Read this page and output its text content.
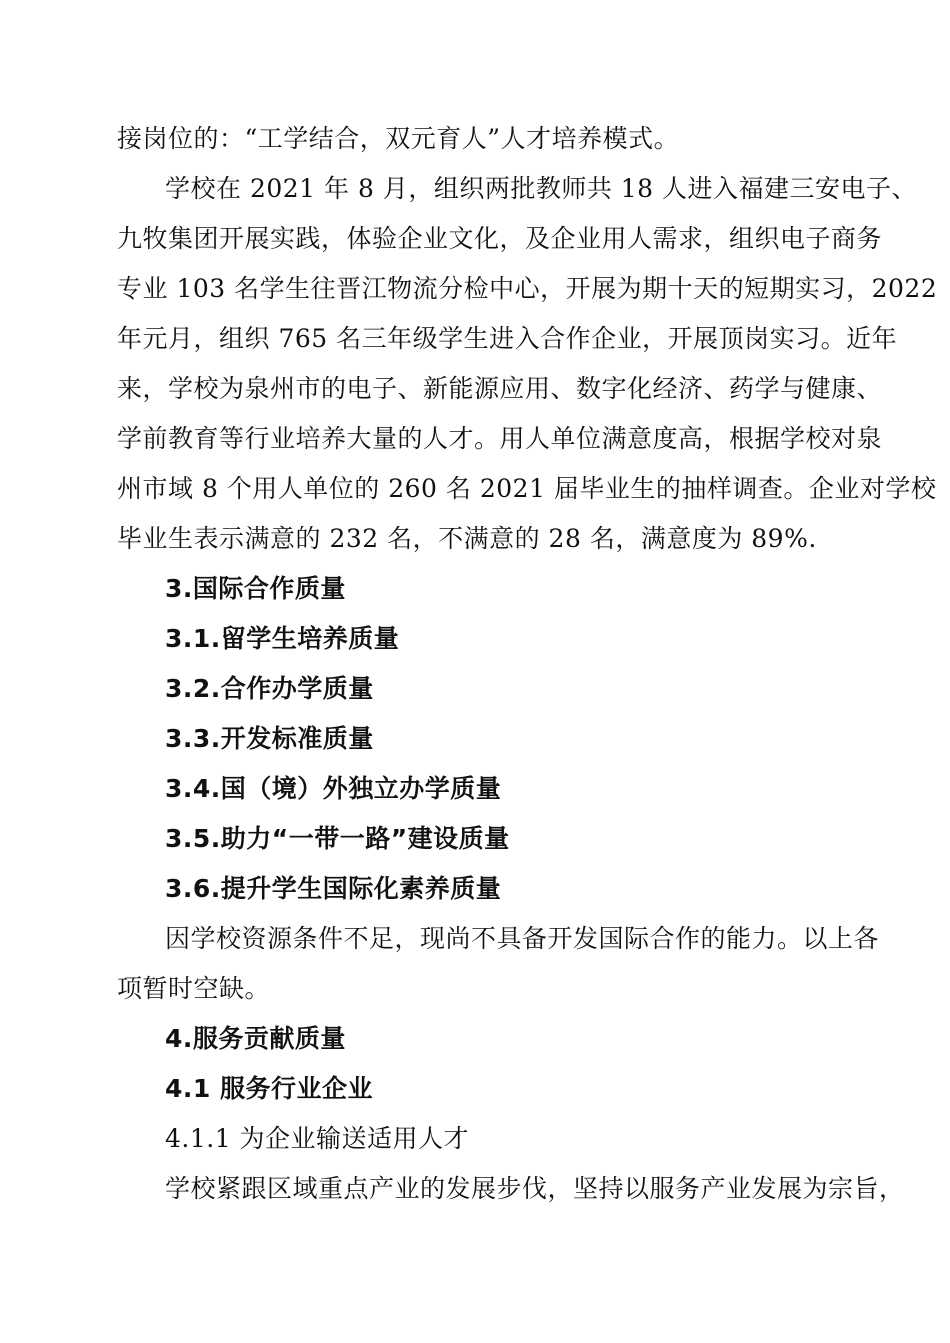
接岗位的：“工学结合，双元育人”人才培养模式。
学校在 2021 年 8 月，组织两批教师共 18 人进入福建三安电子、
九牧集团开展实践，体验企业文化，及企业用人需求，组织电子商务
专业 103 名学生往晋江物流分检中心，开展为期十天的短期实习，2022
年元月，组织 765 名三年级学生进入合作企业，开展顶岗实习。近年
来，学校为泉州市的电子、新能源应用、数字化经济、药学与健康、
学前教育等行业培养大量的人才。用人单位满意度高，根据学校对泉
州市域 8 个用人单位的 260 名 2021 届毕业生的抽样调查。企业对学校
毕业生表示满意的 232 名，不满意的 28 名，满意度为 89%.
3.国际合作质量
3.1.留学生培养质量
3.2.合作办学质量
3.3.开发标准质量
3.4.国（境）外独立办学质量
3.5.助力“一带一路”建设质量
3.6.提升学生国际化素养质量
因学校资源条件不足，现尚不具备开发国际合作的能力。以上各
项暂时空缺。
4.服务贡献质量
4.1 服务行业企业
4.1.1 为企业输送适用人才
学校紧跟区域重点产业的发展步伐，坚持以服务产业发展为宗旨，
